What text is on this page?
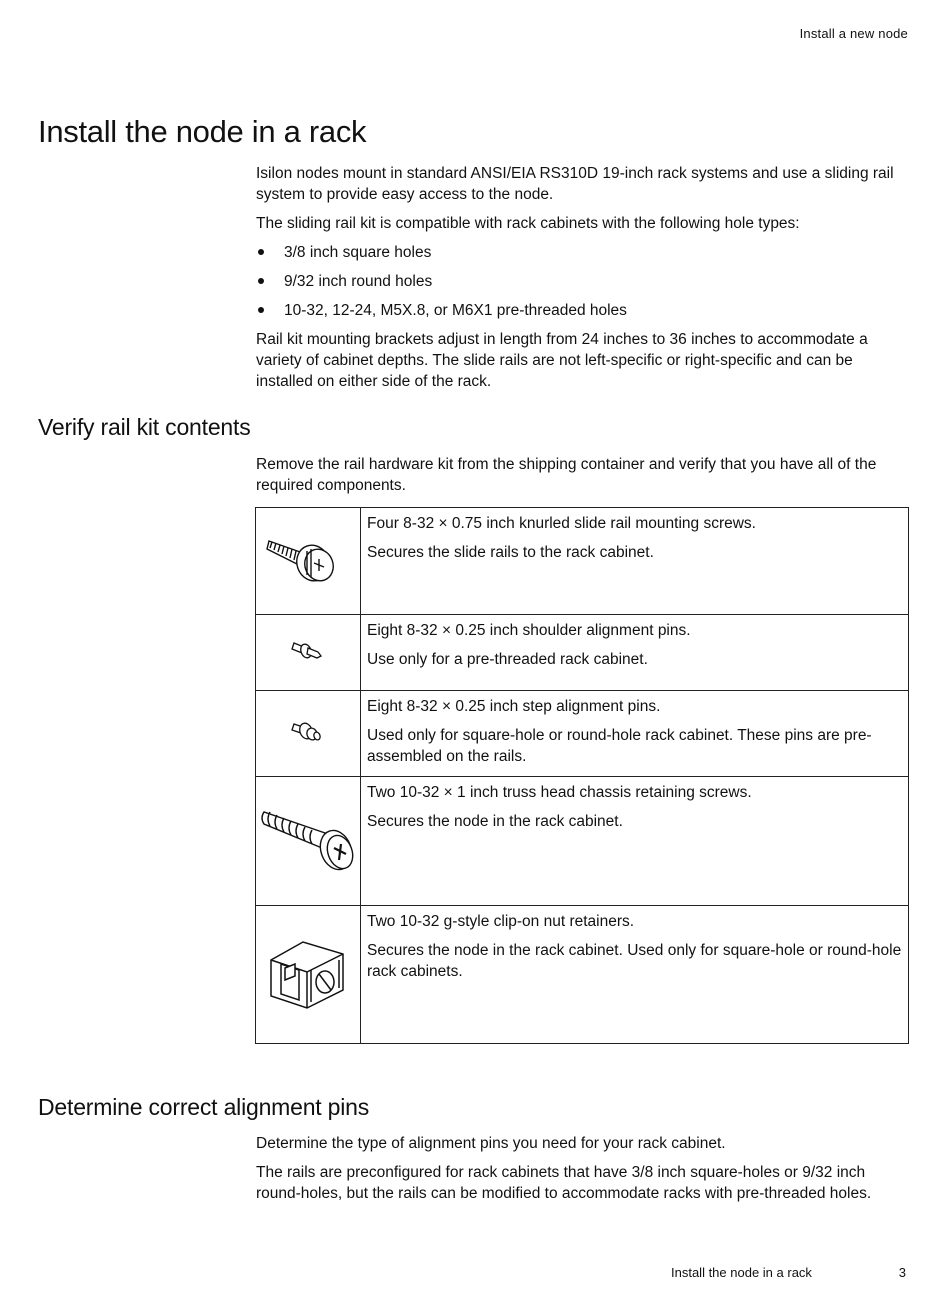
Install a new node
Install the node in a rack

Isilon nodes mount in standard ANSI/EIA RS310D 19-inch rack systems and use a sliding rail system to provide easy access to the node.

The sliding rail kit is compatible with rack cabinets with the following hole types:

3/8 inch square holes
9/32 inch round holes
10-32, 12-24, M5X.8, or M6X1 pre-threaded holes

Rail kit mounting brackets adjust in length from 24 inches to 36 inches to accommodate a variety of cabinet depths. The slide rails are not left-specific or right-specific and can be installed on either side of the rack.

Verify rail kit contents

Remove the rail hardware kit from the shipping container and verify that you have all of the required components.

Four 8-32 × 0.75 inch knurled slide rail mounting screws.

Secures the slide rails to the rack cabinet.

Eight 8-32 × 0.25 inch shoulder alignment pins.

Use only for a pre-threaded rack cabinet.

Eight 8-32 × 0.25 inch step alignment pins.

Used only for square-hole or round-hole rack cabinet. These pins are pre-assembled on the rails.

Two 10-32 × 1 inch truss head chassis retaining screws.

Secures the node in the rack cabinet.

Two 10-32 g-style clip-on nut retainers.

Secures the node in the rack cabinet. Used only for square-hole or round-hole rack cabinets.

Determine correct alignment pins

Determine the type of alignment pins you need for your rack cabinet.

The rails are preconfigured for rack cabinets that have 3/8 inch square-holes or 9/32 inch round-holes, but the rails can be modified to accommodate racks with pre-threaded holes.

Install the node in a rack	3
